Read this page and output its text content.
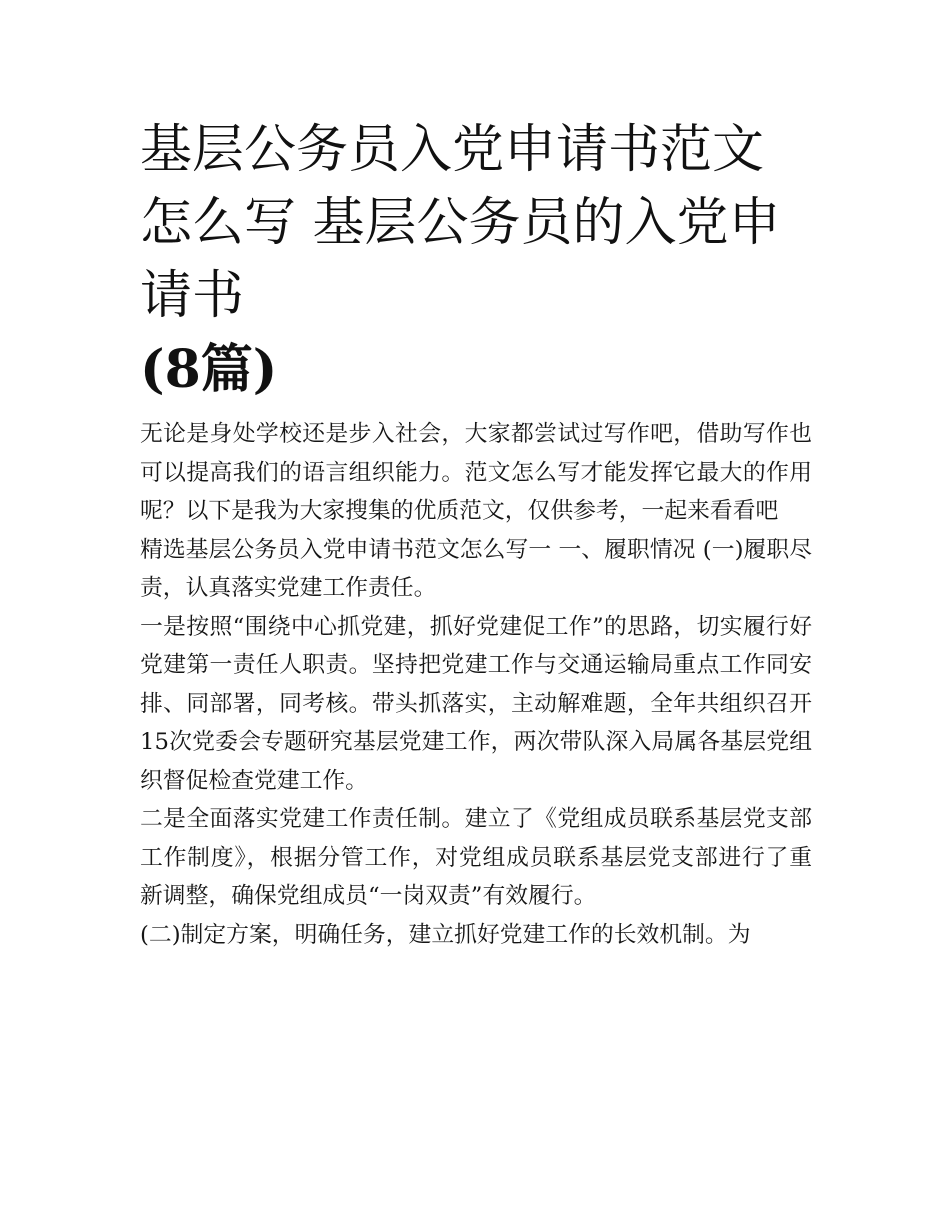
基层公务员入党申请书范文怎么写 基层公务员的入党申请书
(8篇)

无论是身处学校还是步入社会，大家都尝试过写作吧，借助写作也可以提高我们的语言组织能力。范文怎么写才能发挥它最大的作用呢？以下是我为大家搜集的优质范文，仅供参考，一起来看看吧

精选基层公务员入党申请书范文怎么写一 一、履职情况 (一)履职尽责，认真落实党建工作责任。

一是按照“围绕中心抓党建，抓好党建促工作”的思路，切实履行好党建第一责任人职责。坚持把党建工作与交通运输局重点工作同安排、同部署，同考核。带头抓落实，主动解难题，全年共组织召开15次党委会专题研究基层党建工作，两次带队深入局属各基层党组织督促检查党建工作。

二是全面落实党建工作责任制。建立了《党组成员联系基层党支部工作制度》，根据分管工作，对党组成员联系基层党支部进行了重新调整，确保党组成员“一岗双责”有效履行。

(二)制定方案，明确任务，建立抓好党建工作的长效机制。为
